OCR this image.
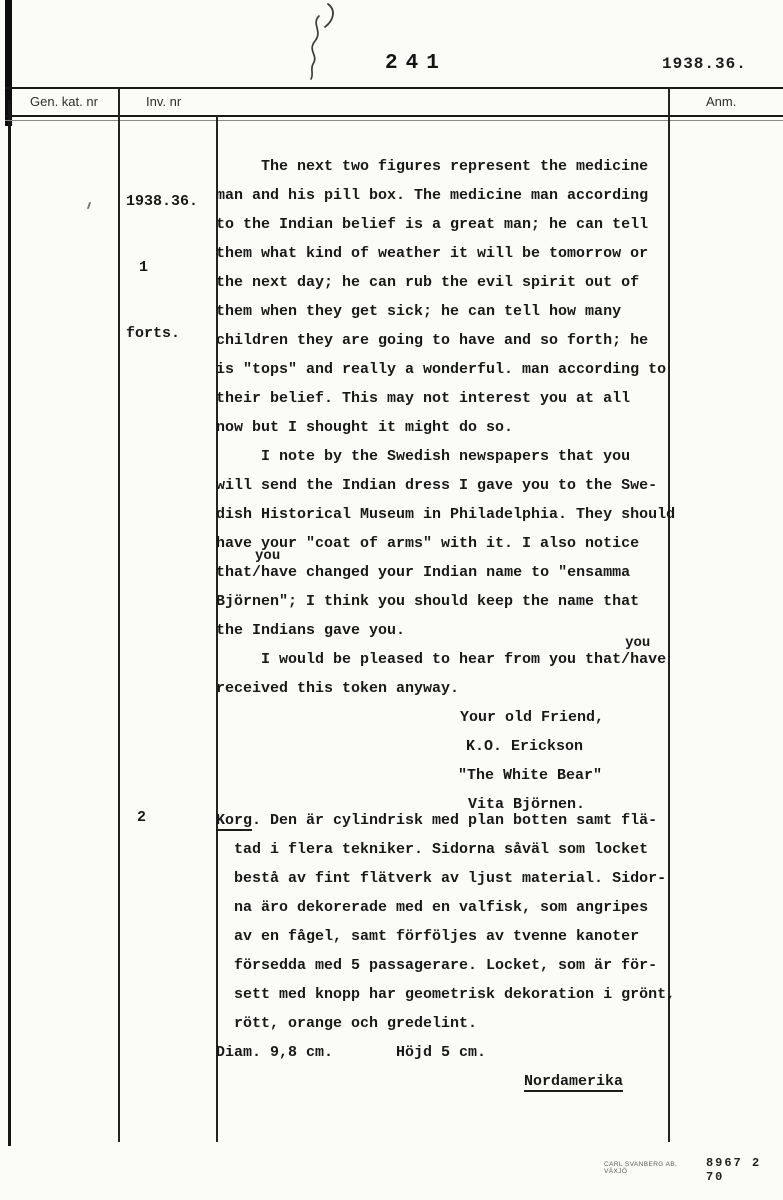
241	1938.36.
Gen. kat. nr	Inv. nr	Anm.

1938.36.

1

forts.

The next two figures represent the medicine
man and his pill box. The medicine man according
to the Indian belief is a great man; he can tell
them what kind of weather it will be tomorrow or
the next day; he can rub the evil spirit out of
them when they get sick; he can tell how many
children they are going to have and so forth; he
is "tops" and really a wonderful. man according to
their belief. This may not interest you at all
now but I shought it might do so.
I note by the Swedish newspapers that you
will send the Indian dress I gave you to the Swe-
dish Historical Museum in Philadelphia. They should
have your "coat of arms" with it. I also notice
that
you
/have changed your Indian name to "ensamma
Björnen"; I think you should keep the name that
the Indians gave you.
I would be pleased to hear from you that
you
/have
received this token anyway.
Your old Friend,
K.O. Erickson
"The White Bear"
Vita Björnen.
2	Korg. Den är cylindrisk med plan botten samt flä-
tad i flera tekniker. Sidorna såväl som locket
bestå av fint flätverk av ljust material. Sidor-
na äro dekorerade med en valfisk, som angripes
av en fågel, samt förföljes av tvenne kanoter
försedda med 5 passagerare. Locket, som är för-
sett med knopp har geometrisk dekoration i grönt,
rött, orange och gredelint.
Diam. 9,8 cm.       Höjd 5 cm.
Nordamerika
CARL SVANBERG AB, VÄXJÖ
8967 2 70
